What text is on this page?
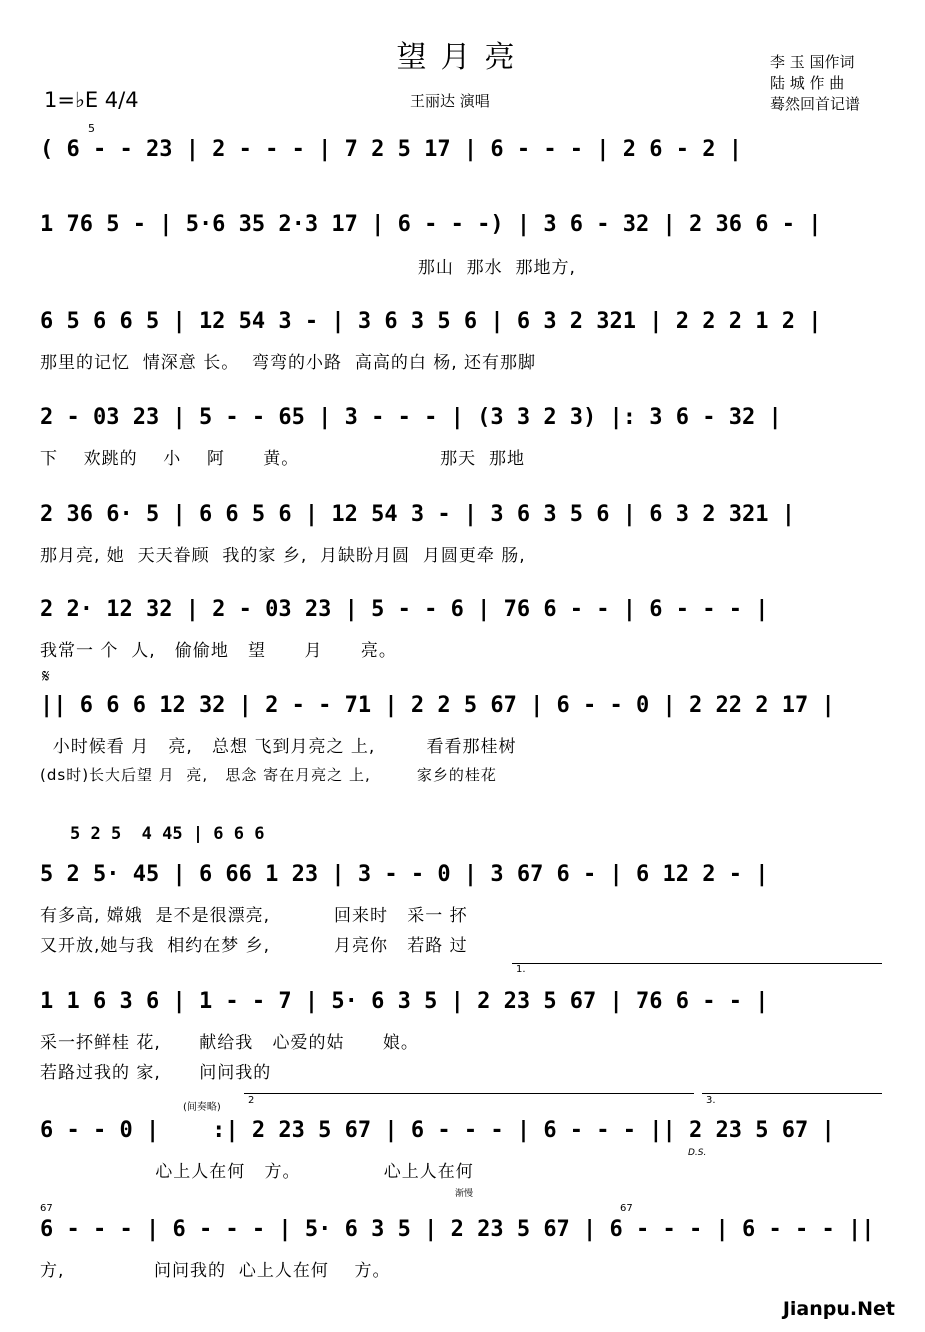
望月亮
1=♭E 4/4	王丽达 演唱
李 玉 国作词
陆 城 作 曲
蓦然回首记谱
( 6 - - 23 | 2 - - - | 7 2 5 17 | 6 - - - | 2 6 - 2 |
5
1 76 5 - | 5·6 35 2·3 17 | 6 - - -) | 3 6 - 32 | 2 36 6 - |
那山  那水  那地方,
6 5 6 6 5 | 12 54 3 - | 3 6 3 5 6 | 6 3 2 321 | 2 2 2 1 2 |
那里的记忆  情深意 长。  弯弯的小路  高高的白 杨, 还有那脚
2 - 03 23 | 5 - - 65 | 3 - - - | (3 3 2 3) |: 3 6 - 32 |
下    欢跳的    小    阿      黄。                      那天  那地
2 36 6· 5 | 6 6 5 6 | 12 54 3 - | 3 6 3 5 6 | 6 3 2 321 |
那月亮, 她  天天眷顾  我的家 乡,  月缺盼月圆  月圆更牵 肠,
2 2· 12 32 | 2 - 03 23 | 5 - - 6 | 76 6 - - | 6 - - - |
我常一 个  人,   偷偷地   望      月      亮。
𝄋
|| 6 6 6 12 32 | 2 - - 71 | 2 2 5 67 | 6 - - 0 | 2 22 2 17 |
小时候看 月   亮,   总想 飞到月亮之 上,        看看那桂树
(ds时)长大后望 月  亮,   思念 寄在月亮之 上,        家乡的桂花
5 2 5  4 45 | 6 6 6
5 2 5· 45 | 6 66 1 23 | 3 - - 0 | 3 67 6 - | 6 12 2 - |
有多高, 嫦娥  是不是很漂亮,          回来时   采一 抔
又开放,她与我  相约在梦 乡,          月亮你   若路 过
1.
1 1 6 3 6 | 1 - - 7 | 5· 6 3 5 | 2 23 5 67 | 76 6 - - |
采一抔鲜桂 花,      献给我   心爱的姑      娘。
若路过我的 家,      问问我的
(间奏略)
2	3.
D.S.
6 - - 0 |    :| 2 23 5 67 | 6 - - - | 6 - - - || 2 23 5 67 |
心上人在何   方。             心上人在何
渐慢
67	67
6 - - - | 6 - - - | 5· 6 3 5 | 2 23 5 67 | 6 - - - | 6 - - - ||
方,              问问我的  心上人在何    方。
Jianpu.Net
